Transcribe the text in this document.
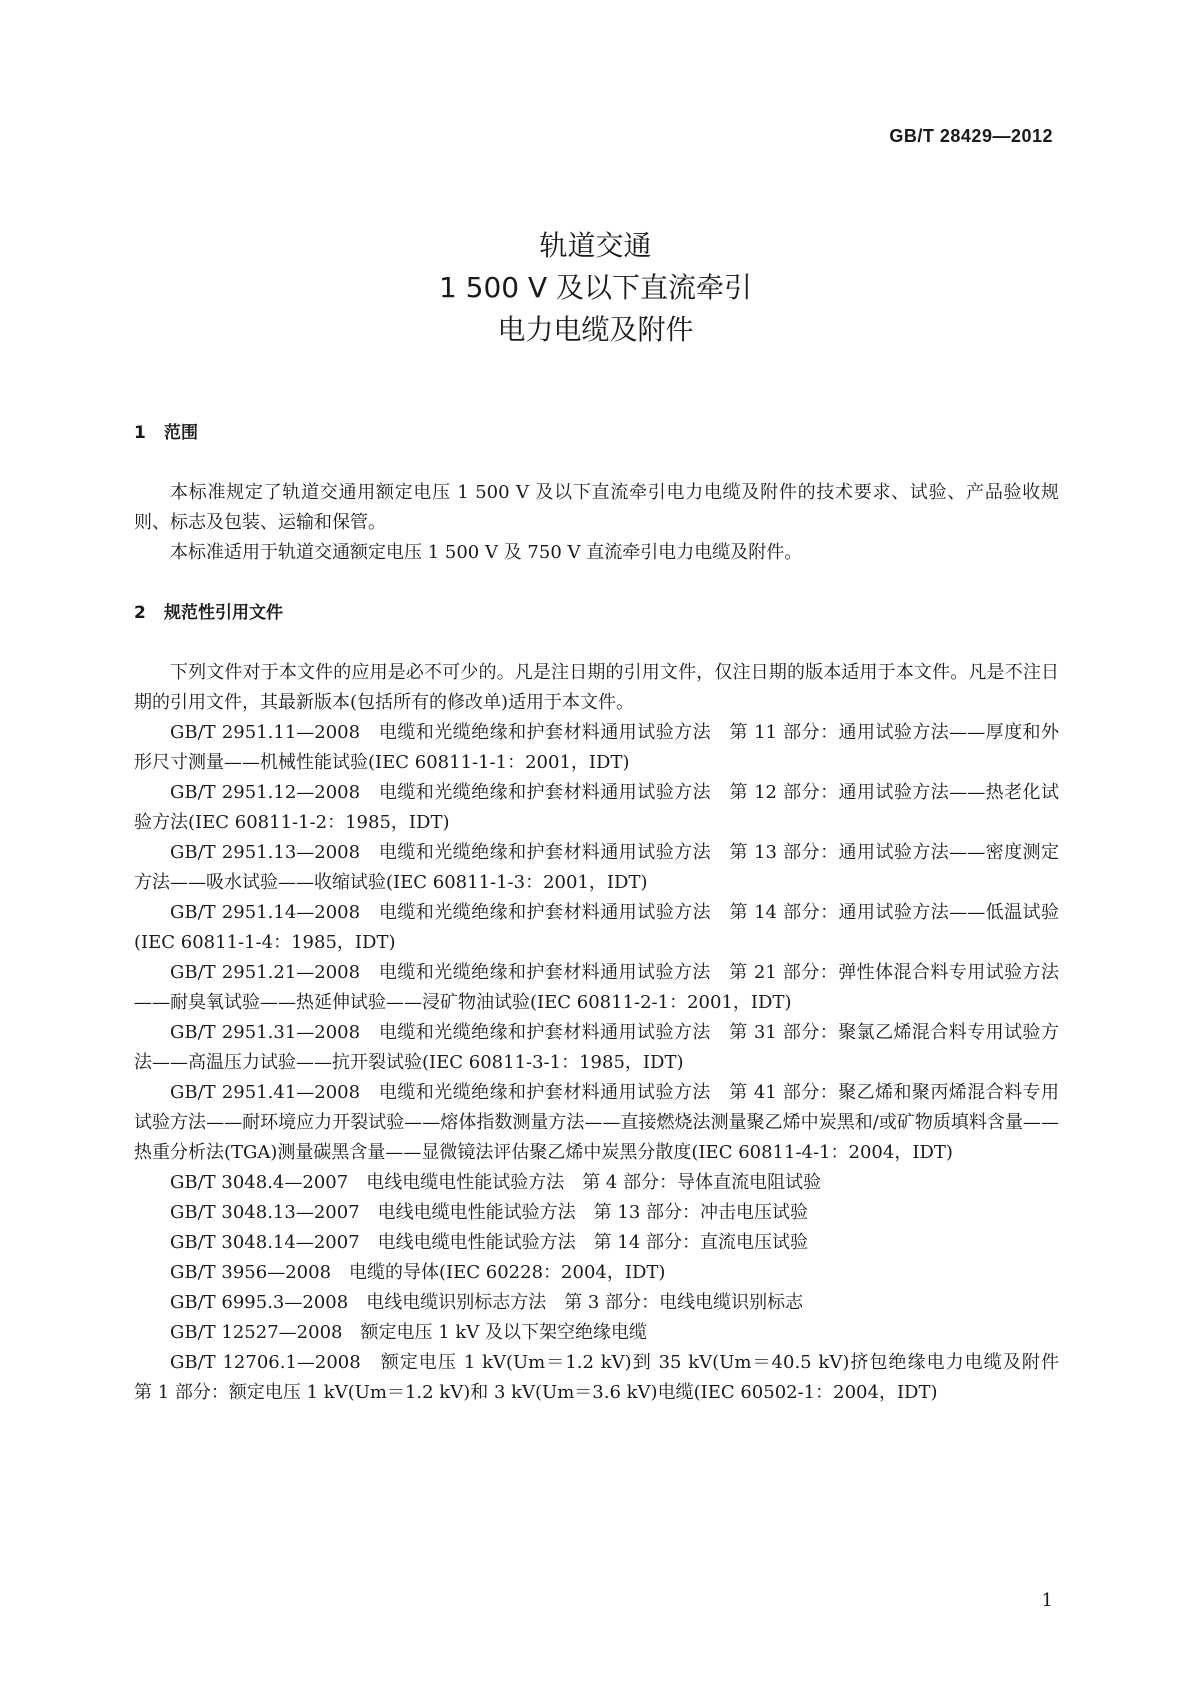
GB/T 28429—2012
轨道交通
1 500 V 及以下直流牵引
电力电缆及附件
1 范围

本标准规定了轨道交通用额定电压 1 500 V 及以下直流牵引电力电缆及附件的技术要求、试验、产品验收规则、标志及包装、运输和保管。

本标准适用于轨道交通额定电压 1 500 V 及 750 V 直流牵引电力电缆及附件。

2 规范性引用文件

下列文件对于本文件的应用是必不可少的。凡是注日期的引用文件，仅注日期的版本适用于本文件。凡是不注日期的引用文件，其最新版本(包括所有的修改单)适用于本文件。

GB/T 2951.11—2008　电缆和光缆绝缘和护套材料通用试验方法　第 11 部分：通用试验方法——厚度和外形尺寸测量——机械性能试验(IEC 60811-1-1：2001，IDT)
GB/T 2951.12—2008　电缆和光缆绝缘和护套材料通用试验方法　第 12 部分：通用试验方法——热老化试验方法(IEC 60811-1-2：1985，IDT)
GB/T 2951.13—2008　电缆和光缆绝缘和护套材料通用试验方法　第 13 部分：通用试验方法——密度测定方法——吸水试验——收缩试验(IEC 60811-1-3：2001，IDT)
GB/T 2951.14—2008　电缆和光缆绝缘和护套材料通用试验方法　第 14 部分：通用试验方法——低温试验(IEC 60811-1-4：1985，IDT)
GB/T 2951.21—2008　电缆和光缆绝缘和护套材料通用试验方法　第 21 部分：弹性体混合料专用试验方法——耐臭氧试验——热延伸试验——浸矿物油试验(IEC 60811-2-1：2001，IDT)
GB/T 2951.31—2008　电缆和光缆绝缘和护套材料通用试验方法　第 31 部分：聚氯乙烯混合料专用试验方法——高温压力试验——抗开裂试验(IEC 60811-3-1：1985，IDT)
GB/T 2951.41—2008　电缆和光缆绝缘和护套材料通用试验方法　第 41 部分：聚乙烯和聚丙烯混合料专用试验方法——耐环境应力开裂试验——熔体指数测量方法——直接燃烧法测量聚乙烯中炭黑和/或矿物质填料含量——热重分析法(TGA)测量碳黑含量——显微镜法评估聚乙烯中炭黑分散度(IEC 60811-4-1：2004，IDT)
GB/T 3048.4—2007　电线电缆电性能试验方法　第 4 部分：导体直流电阻试验
GB/T 3048.13—2007　电线电缆电性能试验方法　第 13 部分：冲击电压试验
GB/T 3048.14—2007　电线电缆电性能试验方法　第 14 部分：直流电压试验
GB/T 3956—2008　电缆的导体(IEC 60228：2004，IDT)
GB/T 6995.3—2008　电线电缆识别标志方法　第 3 部分：电线电缆识别标志
GB/T 12527—2008　额定电压 1 kV 及以下架空绝缘电缆
GB/T 12706.1—2008　额定电压 1 kV(Um＝1.2 kV)到 35 kV(Um＝40.5 kV)挤包绝缘电力电缆及附件　第 1 部分：额定电压 1 kV(Um＝1.2 kV)和 3 kV(Um＝3.6 kV)电缆(IEC 60502-1：2004，IDT)
1
